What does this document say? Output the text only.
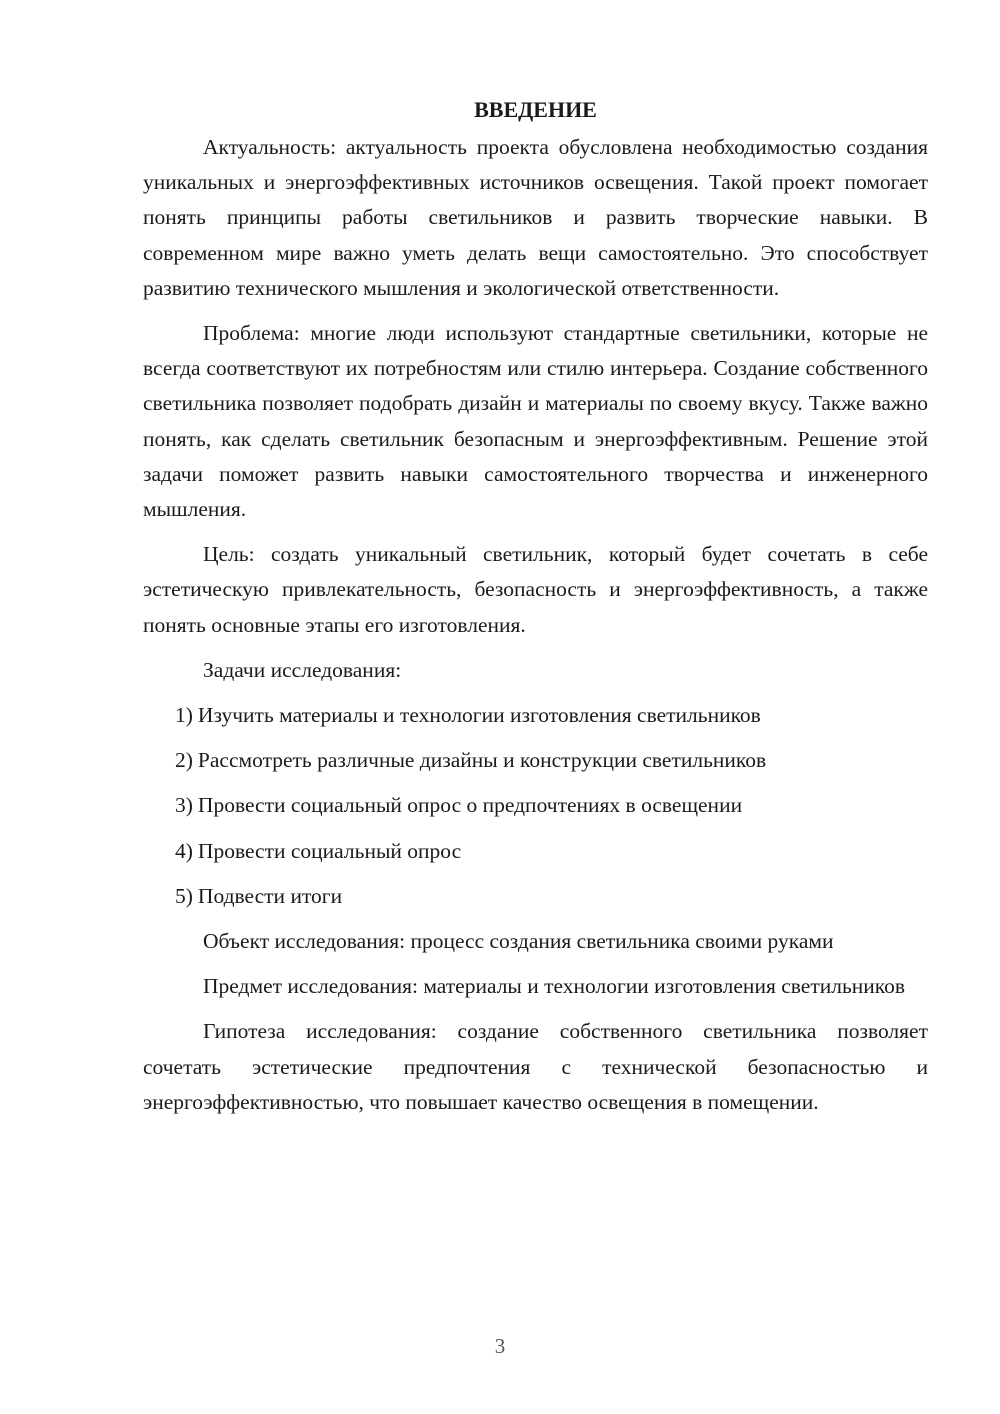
ВВЕДЕНИЕ

Актуальность: актуальность проекта обусловлена необходимостью создания уникальных и энергоэффективных источников освещения. Такой проект помогает понять принципы работы светильников и развить творческие навыки. В современном мире важно уметь делать вещи самостоятельно. Это способствует развитию технического мышления и экологической ответственности.

Проблема: многие люди используют стандартные светильники, которые не всегда соответствуют их потребностям или стилю интерьера. Создание собственного светильника позволяет подобрать дизайн и материалы по своему вкусу. Также важно понять, как сделать светильник безопасным и энергоэффективным. Решение этой задачи поможет развить навыки самостоятельного творчества и инженерного мышления.

Цель: создать уникальный светильник, который будет сочетать в себе эстетическую привлекательность, безопасность и энергоэффективность, а также понять основные этапы его изготовления.

Задачи исследования:
1) Изучить материалы и технологии изготовления светильников
2) Рассмотреть различные дизайны и конструкции светильников
3) Провести социальный опрос о предпочтениях в освещении
4) Провести социальный опрос
5) Подвести итоги

Объект исследования: процесс создания светильника своими руками

Предмет исследования: материалы и технологии изготовления светильников

Гипотеза исследования: создание собственного светильника позволяет сочетать эстетические предпочтения с технической безопасностью и энергоэффективностью, что повышает качество освещения в помещении.

3
